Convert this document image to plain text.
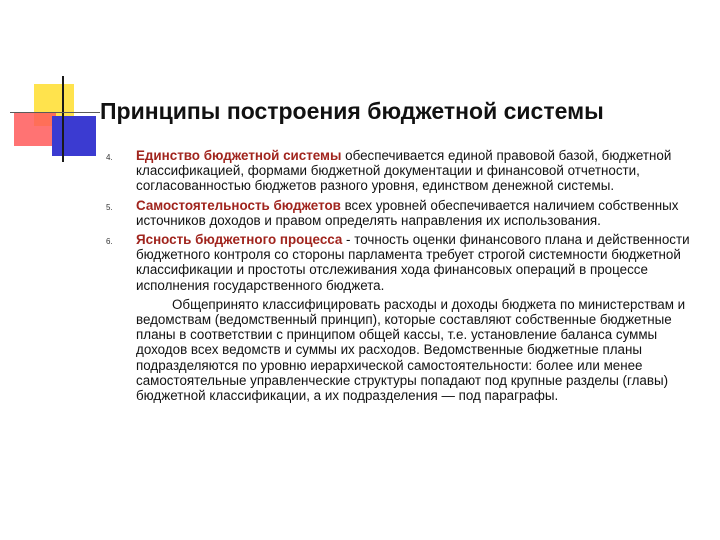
Принципы построения бюджетной системы
4. Единство бюджетной системы обеспечивается единой правовой базой, бюджетной классификацией, формами бюджетной документации и финансовой отчетности, согласованностью бюджетов разного уровня, единством денежной системы.
5. Самостоятельность бюджетов всех уровней обеспечивается наличием собственных источников доходов и правом определять направления их использования.
6. Ясность бюджетного процесса - точность оценки финансового плана и действенности бюджетного контроля со стороны парламента требует строгой системности бюджетной классификации и простоты отслеживания хода финансовых операций в процессе исполнения государственного бюджета.
Общепринято классифицировать расходы и доходы бюджета по министерствам и ведомствам (ведомственный принцип), которые составляют собственные бюджетные планы в соответствии с принципом общей кассы, т.е. установление баланса суммы доходов всех ведомств и суммы их расходов. Ведомственные бюджетные планы подразделяются по уровню иерархической самостоятельности: более или менее самостоятельные управленческие структуры попадают под крупные разделы (главы) бюджетной классификации, а их подразделения — под параграфы.
